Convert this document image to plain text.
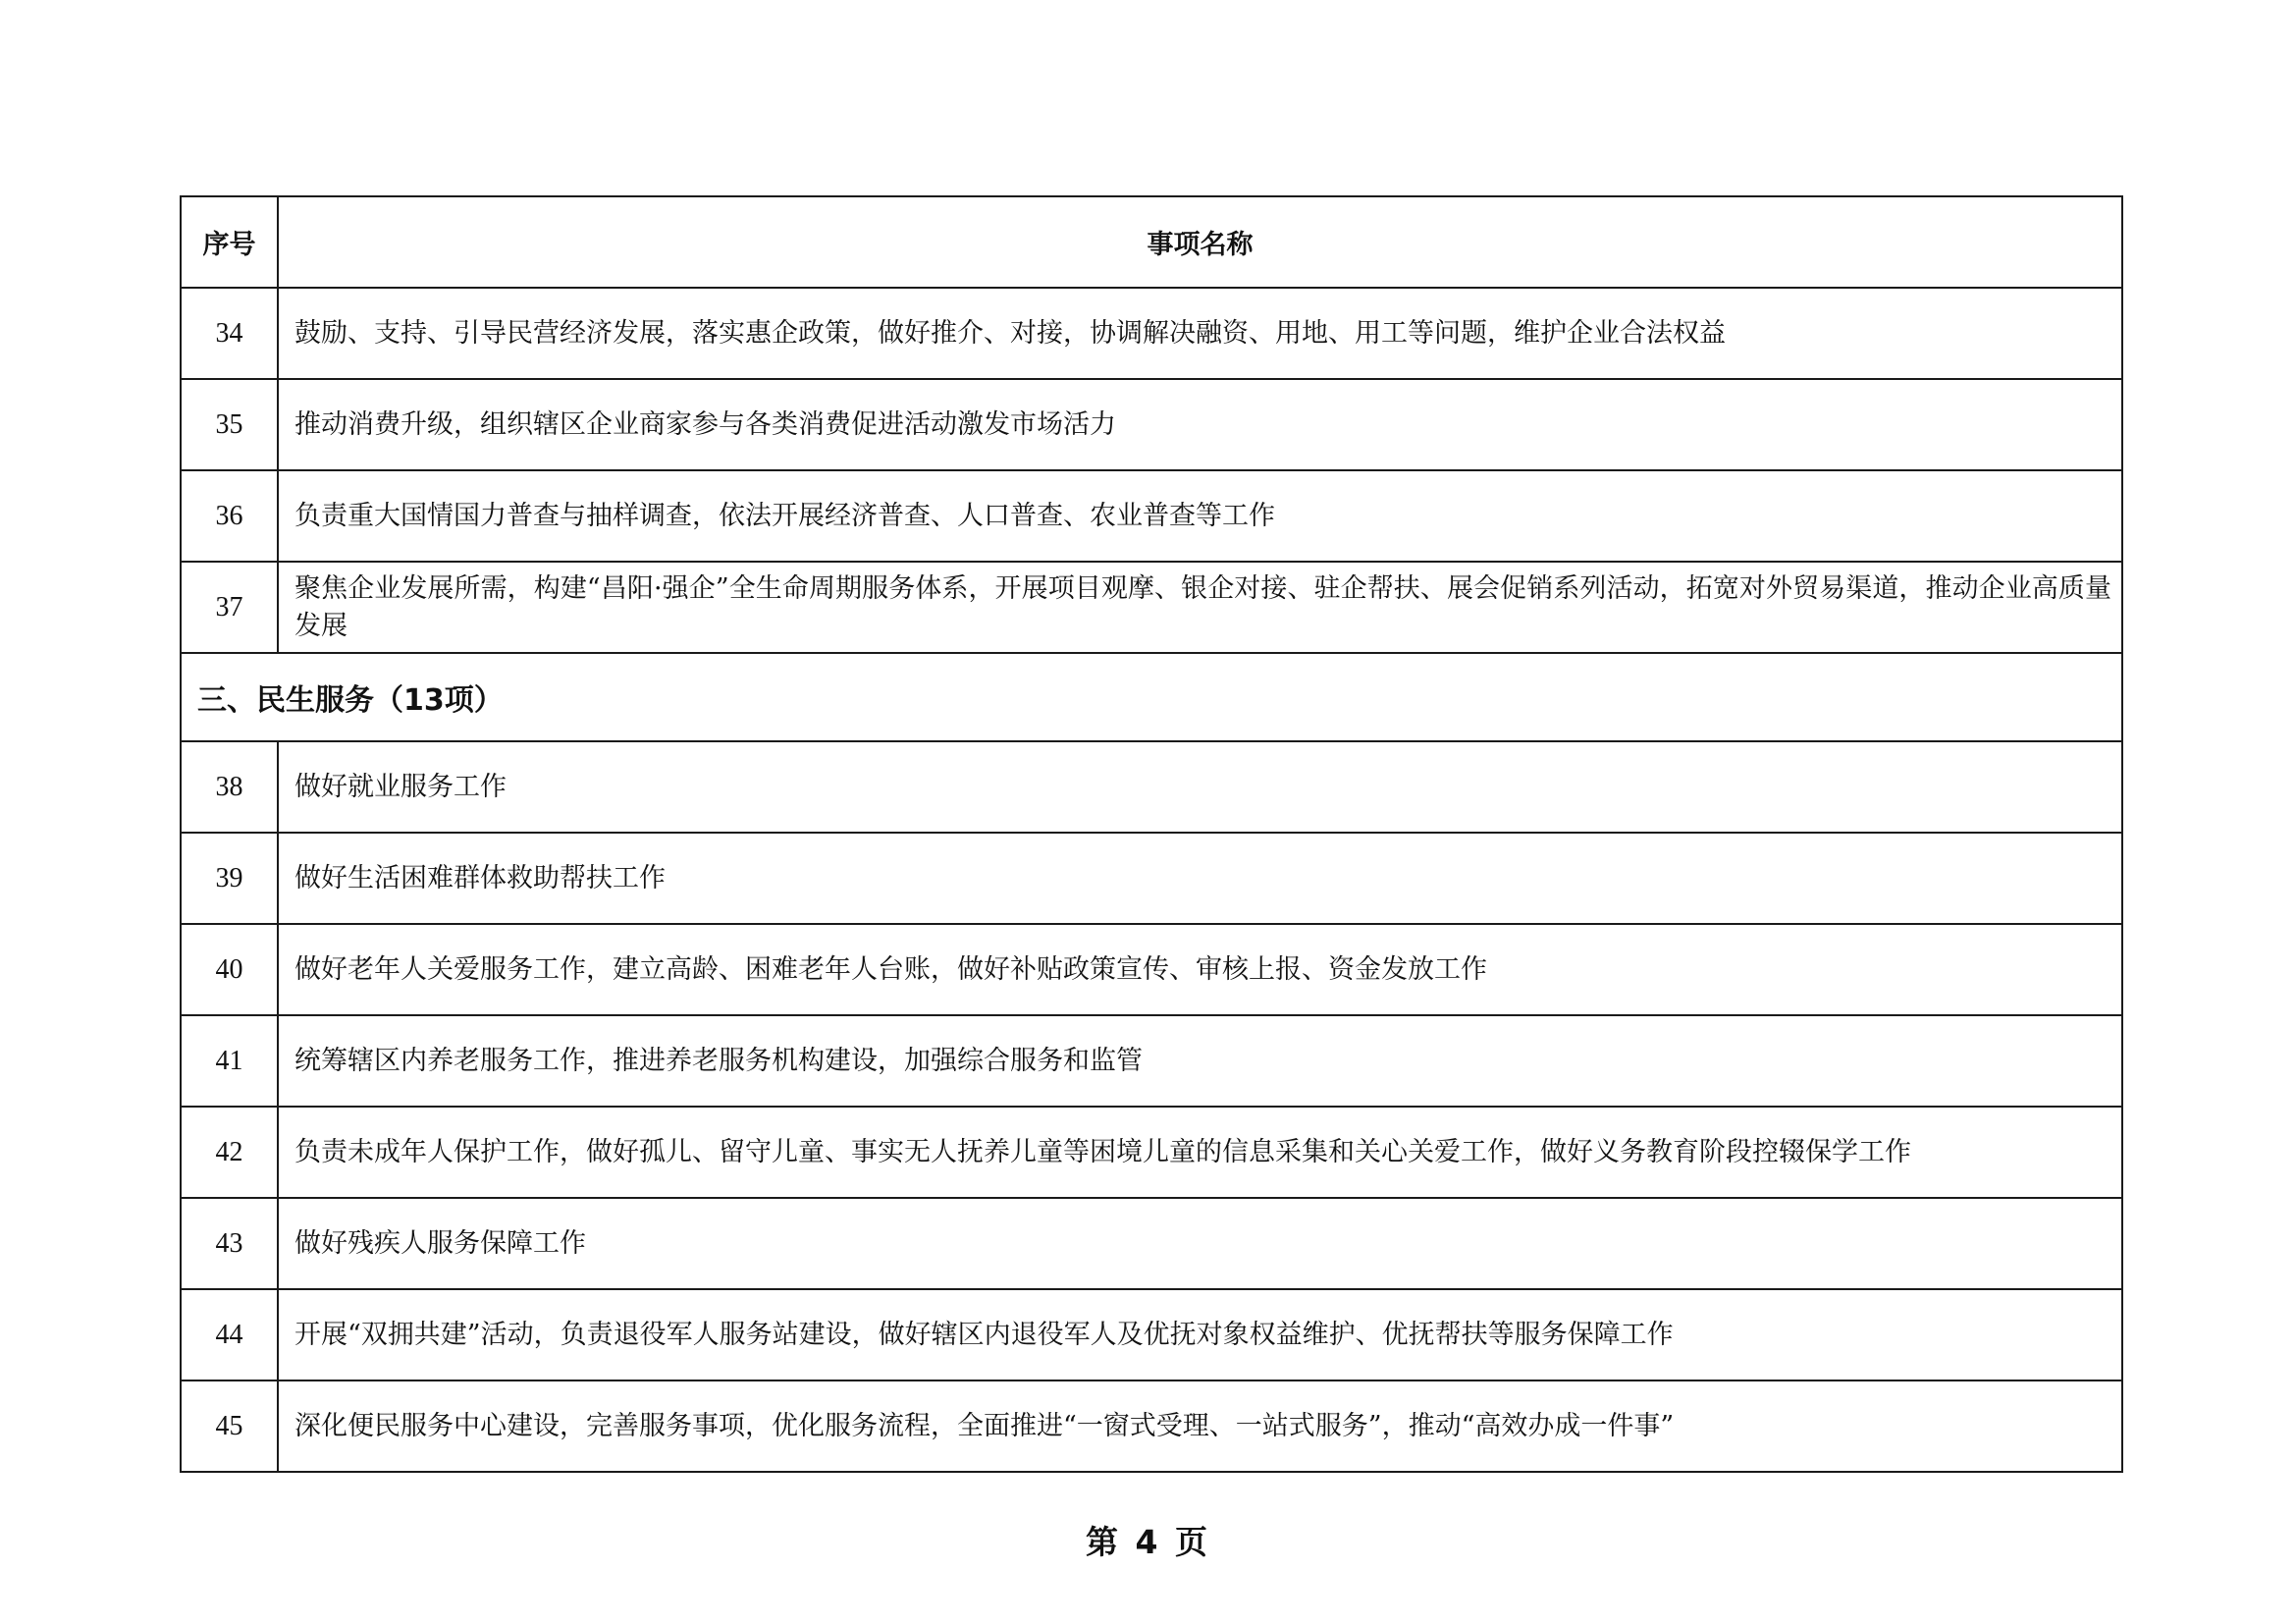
序号	事项名称
34	鼓励、支持、引导民营经济发展，落实惠企政策，做好推介、对接，协调解决融资、用地、用工等问题，维护企业合法权益
35	推动消费升级，组织辖区企业商家参与各类消费促进活动激发市场活力
36	负责重大国情国力普查与抽样调查，依法开展经济普查、人口普查、农业普查等工作
37	聚焦企业发展所需，构建“昌阳·强企”全生命周期服务体系，开展项目观摩、银企对接、驻企帮扶、展会促销系列活动，拓宽对外贸易渠道，推动企业高质量发展
三、民生服务（13项）	
38	做好就业服务工作
39	做好生活困难群体救助帮扶工作
40	做好老年人关爱服务工作，建立高龄、困难老年人台账，做好补贴政策宣传、审核上报、资金发放工作
41	统筹辖区内养老服务工作，推进养老服务机构建设，加强综合服务和监管
42	负责未成年人保护工作，做好孤儿、留守儿童、事实无人抚养儿童等困境儿童的信息采集和关心关爱工作，做好义务教育阶段控辍保学工作
43	做好残疾人服务保障工作
44	开展“双拥共建”活动，负责退役军人服务站建设，做好辖区内退役军人及优抚对象权益维护、优抚帮扶等服务保障工作
45	深化便民服务中心建设，完善服务事项，优化服务流程，全面推进“一窗式受理、一站式服务”，推动“高效办成一件事”
第 4 页
